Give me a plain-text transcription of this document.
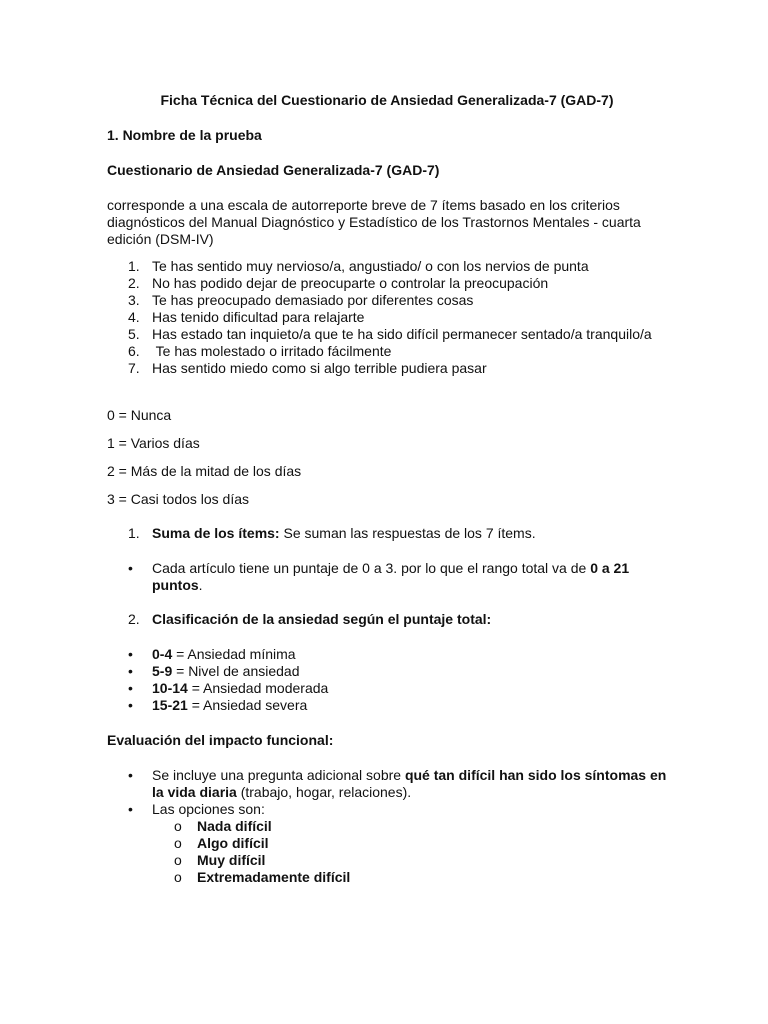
Ficha Técnica del Cuestionario de Ansiedad Generalizada-7 (GAD-7)

1. Nombre de la prueba

Cuestionario de Ansiedad Generalizada-7 (GAD-7)

corresponde a una escala de autorreporte breve de 7 ítems basado en los criterios diagnósticos del Manual Diagnóstico y Estadístico de los Trastornos Mentales - cuarta edición (DSM-IV)

1. Te has sentido muy nervioso/a, angustiado/ o con los nervios de punta
2. No has podido dejar de preocuparte o controlar la preocupación
3. Te has preocupado demasiado por diferentes cosas
4. Has tenido dificultad para relajarte
5. Has estado tan inquieto/a que te ha sido difícil permanecer sentado/a tranquilo/a
6. Te has molestado o irritado fácilmente
7. Has sentido miedo como si algo terrible pudiera pasar

0 = Nunca

1 = Varios días

2 = Más de la mitad de los días

3 = Casi todos los días

1. Suma de los ítems: Se suman las respuestas de los 7 ítems.
• Cada artículo tiene un puntaje de 0 a 3. por lo que el rango total va de 0 a 21 puntos.
2. Clasificación de la ansiedad según el puntaje total:
• 0-4 = Ansiedad mínima
• 5-9 = Nivel de ansiedad
• 10-14 = Ansiedad moderada
• 15-21 = Ansiedad severa

Evaluación del impacto funcional:

• Se incluye una pregunta adicional sobre qué tan difícil han sido los síntomas en la vida diaria (trabajo, hogar, relaciones).
• Las opciones son:
o Nada difícil
o Algo difícil
o Muy difícil
o Extremadamente difícil
